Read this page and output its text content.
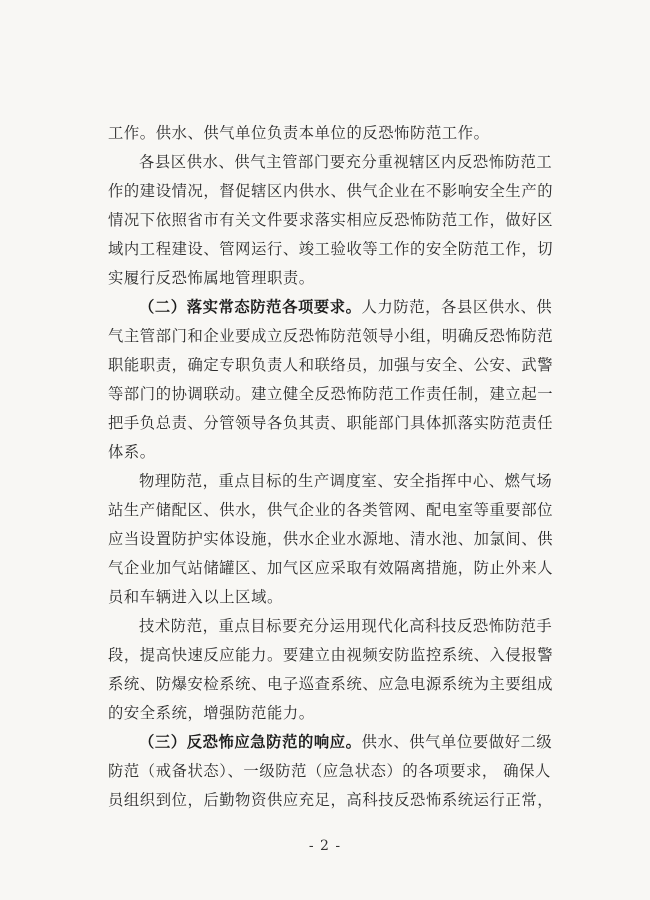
工作。供水、供气单位负责本单位的反恐怖防范工作。
各县区供水、供气主管部门要充分重视辖区内反恐怖防范工
作的建设情况，督促辖区内供水、供气企业在不影响安全生产的
情况下依照省市有关文件要求落实相应反恐怖防范工作，做好区
域内工程建设、管网运行、竣工验收等工作的安全防范工作，切
实履行反恐怖属地管理职责。
（二）落实常态防范各项要求。人力防范，各县区供水、供
气主管部门和企业要成立反恐怖防范领导小组，明确反恐怖防范
职能职责，确定专职负责人和联络员，加强与安全、公安、武警
等部门的协调联动。建立健全反恐怖防范工作责任制，建立起一
把手负总责、分管领导各负其责、职能部门具体抓落实防范责任
体系。
物理防范，重点目标的生产调度室、安全指挥中心、燃气场
站生产储配区、供水，供气企业的各类管网、配电室等重要部位
应当设置防护实体设施，供水企业水源地、清水池、加氯间、供
气企业加气站储罐区、加气区应采取有效隔离措施，防止外来人
员和车辆进入以上区域。
技术防范，重点目标要充分运用现代化高科技反恐怖防范手
段，提高快速反应能力。要建立由视频安防监控系统、入侵报警
系统、防爆安检系统、电子巡查系统、应急电源系统为主要组成
的安全系统，增强防范能力。
（三）反恐怖应急防范的响应。供水、供气单位要做好二级
防范（戒备状态）、一级防范（应急状态）的各项要求， 确保人
员组织到位，后勤物资供应充足，高科技反恐怖系统运行正常，
- 2 -
